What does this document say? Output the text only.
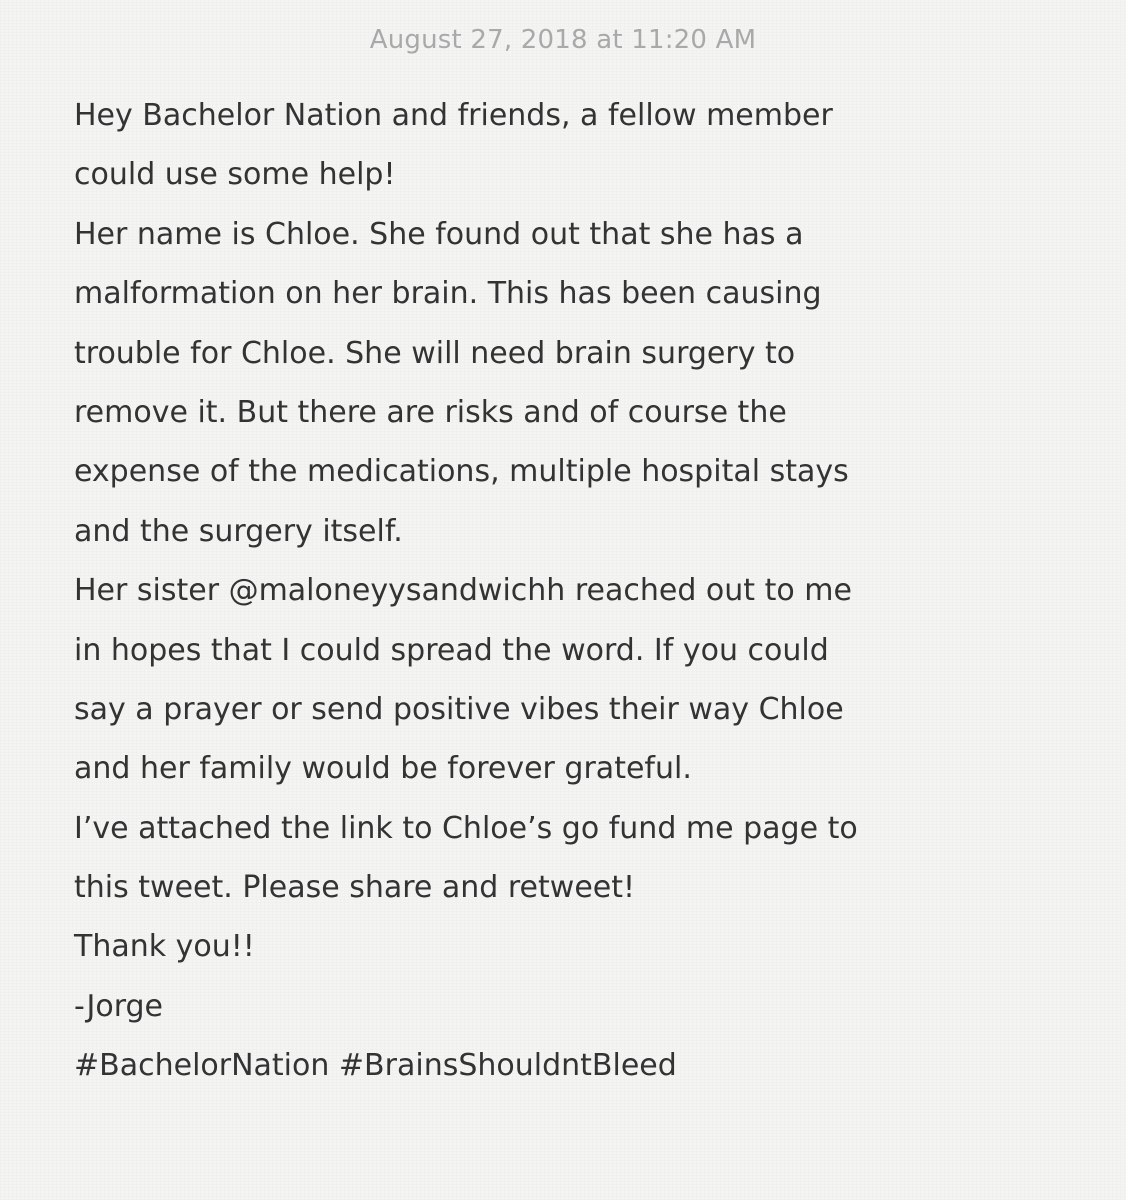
August 27, 2018 at 11:20 AM
Hey Bachelor Nation and friends, a fellow member
could use some help!
Her name is Chloe. She found out that she has a
malformation on her brain. This has been causing
trouble for Chloe. She will need brain surgery to
remove it. But there are risks and of course the
expense of the medications, multiple hospital stays
and the surgery itself.
Her sister @maloneyysandwichh reached out to me
in hopes that I could spread the word. If you could
say a prayer or send positive vibes their way Chloe
and her family would be forever grateful.
I’ve attached the link to Chloe’s go fund me page to
this tweet. Please share and retweet!
Thank you!!
-Jorge
#BachelorNation #BrainsShouldntBleed
